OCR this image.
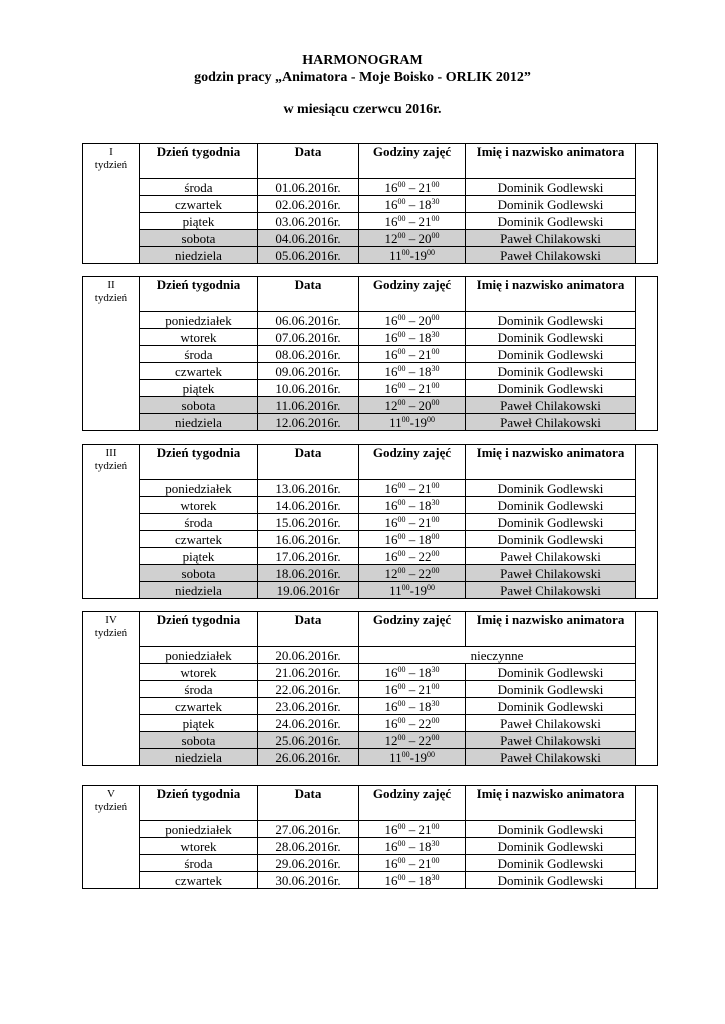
HARMONOGRAM
godzin pracy „Animatora - Moje Boisko - ORLIK 2012”
w miesiącu czerwcu 2016r.
I
tydzień	Dzień tygodnia	Data	Godziny zajęć	Imię i nazwisko animatora	
	środa	01.06.2016r.	$16^{00} - 21^{00}$	Dominik Godlewski	
	czwartek	02.06.2016r.	$16^{00} - 18^{30}$	Dominik Godlewski	
	piątek	03.06.2016r.	$16^{00} - 21^{00}$	Dominik Godlewski	
	sobota	04.06.2016r.	$12^{00} - 20^{00}$	Paweł Chilakowski	
	niedziela	05.06.2016r.	$11^{00}-19^{00}$	Paweł Chilakowski	
II
tydzień	Dzień tygodnia	Data	Godziny zajęć	Imię i nazwisko animatora	
	poniedziałek	06.06.2016r.	$16^{00} - 20^{00}$	Dominik Godlewski	
	wtorek	07.06.2016r.	$16^{00} - 18^{30}$	Dominik Godlewski	
	środa	08.06.2016r.	$16^{00} - 21^{00}$	Dominik Godlewski	
	czwartek	09.06.2016r.	$16^{00} - 18^{30}$	Dominik Godlewski	
	piątek	10.06.2016r.	$16^{00} - 21^{00}$	Dominik Godlewski	
	sobota	11.06.2016r.	$12^{00} - 20^{00}$	Paweł Chilakowski	
	niedziela	12.06.2016r.	$11^{00}-19^{00}$	Paweł Chilakowski	
III
tydzień	Dzień tygodnia	Data	Godziny zajęć	Imię i nazwisko animatora	
	poniedziałek	13.06.2016r.	$16^{00} - 21^{00}$	Dominik Godlewski	
	wtorek	14.06.2016r.	$16^{00} - 18^{30}$	Dominik Godlewski	
	środa	15.06.2016r.	$16^{00} - 21^{00}$	Dominik Godlewski	
	czwartek	16.06.2016r.	$16^{00} - 18^{00}$	Dominik Godlewski	
	piątek	17.06.2016r.	$16^{00} - 22^{00}$	Paweł Chilakowski	
	sobota	18.06.2016r.	$12^{00} - 22^{00}$	Paweł Chilakowski	
	niedziela	19.06.2016r	$11^{00}-19^{00}$	Paweł Chilakowski	
IV
tydzień	Dzień tygodnia	Data	Godziny zajęć	Imię i nazwisko animatora	
	poniedziałek	20.06.2016r.	nieczynne		
	wtorek	21.06.2016r.	$16^{00} - 18^{30}$	Dominik Godlewski	
	środa	22.06.2016r.	$16^{00} - 21^{00}$	Dominik Godlewski	
	czwartek	23.06.2016r.	$16^{00} - 18^{30}$	Dominik Godlewski	
	piątek	24.06.2016r.	$16^{00} - 22^{00}$	Paweł Chilakowski	
	sobota	25.06.2016r.	$12^{00} - 22^{00}$	Paweł Chilakowski	
	niedziela	26.06.2016r.	$11^{00}-19^{00}$	Paweł Chilakowski	
V
tydzień	Dzień tygodnia	Data	Godziny zajęć	Imię i nazwisko animatora	
	poniedziałek	27.06.2016r.	$16^{00} - 21^{00}$	Dominik Godlewski	
	wtorek	28.06.2016r.	$16^{00} - 18^{30}$	Dominik Godlewski	
	środa	29.06.2016r.	$16^{00} - 21^{00}$	Dominik Godlewski	
	czwartek	30.06.2016r.	$16^{00} - 18^{30}$	Dominik Godlewski	
